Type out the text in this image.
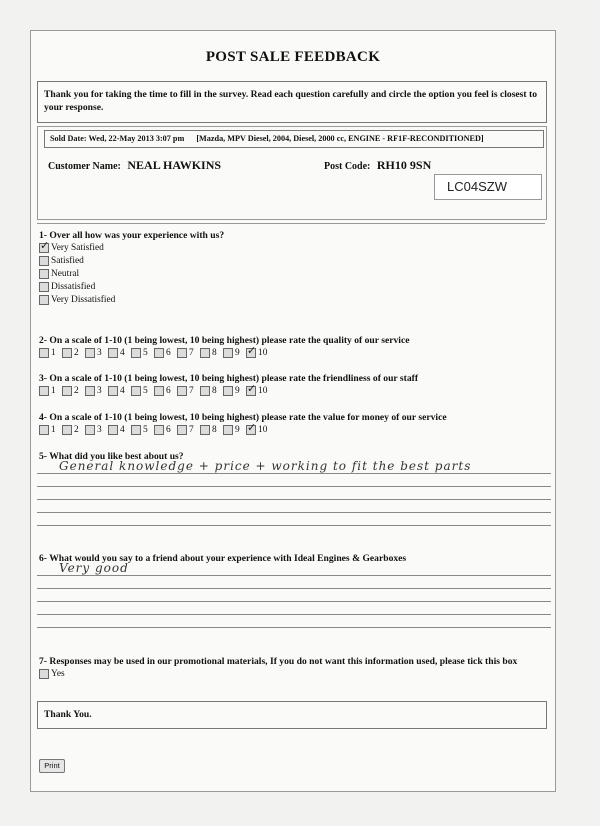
POST SALE FEEDBACK
Thank you for taking the time to fill in the survey. Read each question carefully and circle the option you feel is closest to your response.
Sold Date: Wed, 22-May 2013 3:07 pm [Mazda, MPV Diesel, 2004, Diesel, 2000 cc, ENGINE - RF1F-RECONDITIONED]
Customer Name: NEAL HAWKINS	Post Code: RH10 9SN
LC04SZW
1- Over all how was your experience with us?
✓ Very Satisfied
Satisfied
Neutral
Dissatisfied
Very Dissatisfied
2- On a scale of 1-10 (1 being lowest, 10 being highest) please rate the quality of our service
1 2 3 4 5 6 7 8 9 ✓ 10
3- On a scale of 1-10 (1 being lowest, 10 being highest) please rate the friendliness of our staff
1 2 3 4 5 6 7 8 9 ✓ 10
4- On a scale of 1-10 (1 being lowest, 10 being highest) please rate the value for money of our service
1 2 3 4 5 6 7 8 9 ✓ 10
5- What did you like best about us?
General knowledge + price + working to fit the best parts
6- What would you say to a friend about your experience with Ideal Engines & Gearboxes
Very good
7- Responses may be used in our promotional materials, If you do not want this information used, please tick this box
Yes
Thank You.
Print
